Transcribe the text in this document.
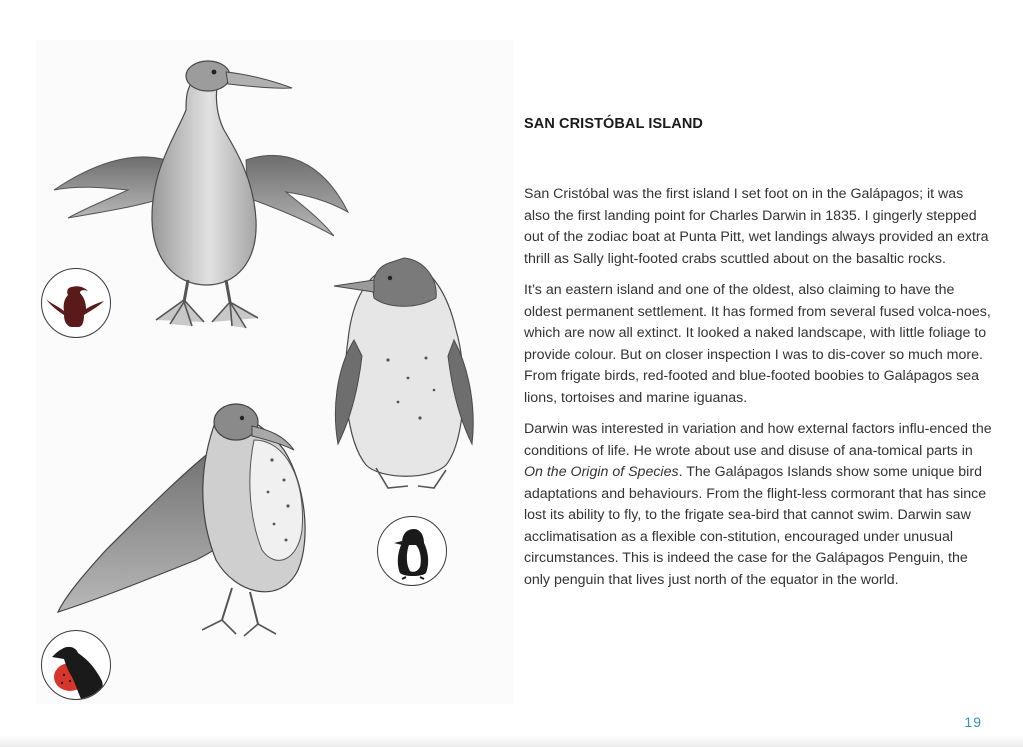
SAN CRISTÓBAL ISLAND

San Cristóbal was the first island I set foot on in the Galápagos; it was also the first landing point for Charles Darwin in 1835. I gingerly stepped out of the zodiac boat at Punta Pitt, wet landings always provided an extra thrill as Sally light-footed crabs scuttled about on the basaltic rocks.

It’s an eastern island and one of the oldest, also claiming to have the oldest permanent settlement. It has formed from several fused volca-noes, which are now all extinct. It looked a naked landscape, with little foliage to provide colour. But on closer inspection I was to dis-cover so much more. From frigate birds, red-footed and blue-footed boobies to Galápagos sea lions, tortoises and marine iguanas.

Darwin was interested in variation and how external factors influ-enced the conditions of life. He wrote about use and disuse of ana-tomical parts in On the Origin of Species. The Galápagos Islands show some unique bird adaptations and behaviours. From the flight-less cormorant that has since lost its ability to fly, to the frigate sea-bird that cannot swim. Darwin saw acclimatisation as a flexible con-stitution, encouraged under unusual circumstances. This is indeed the case for the Galápagos Penguin, the only penguin that lives just north of the equator in the world.

19
